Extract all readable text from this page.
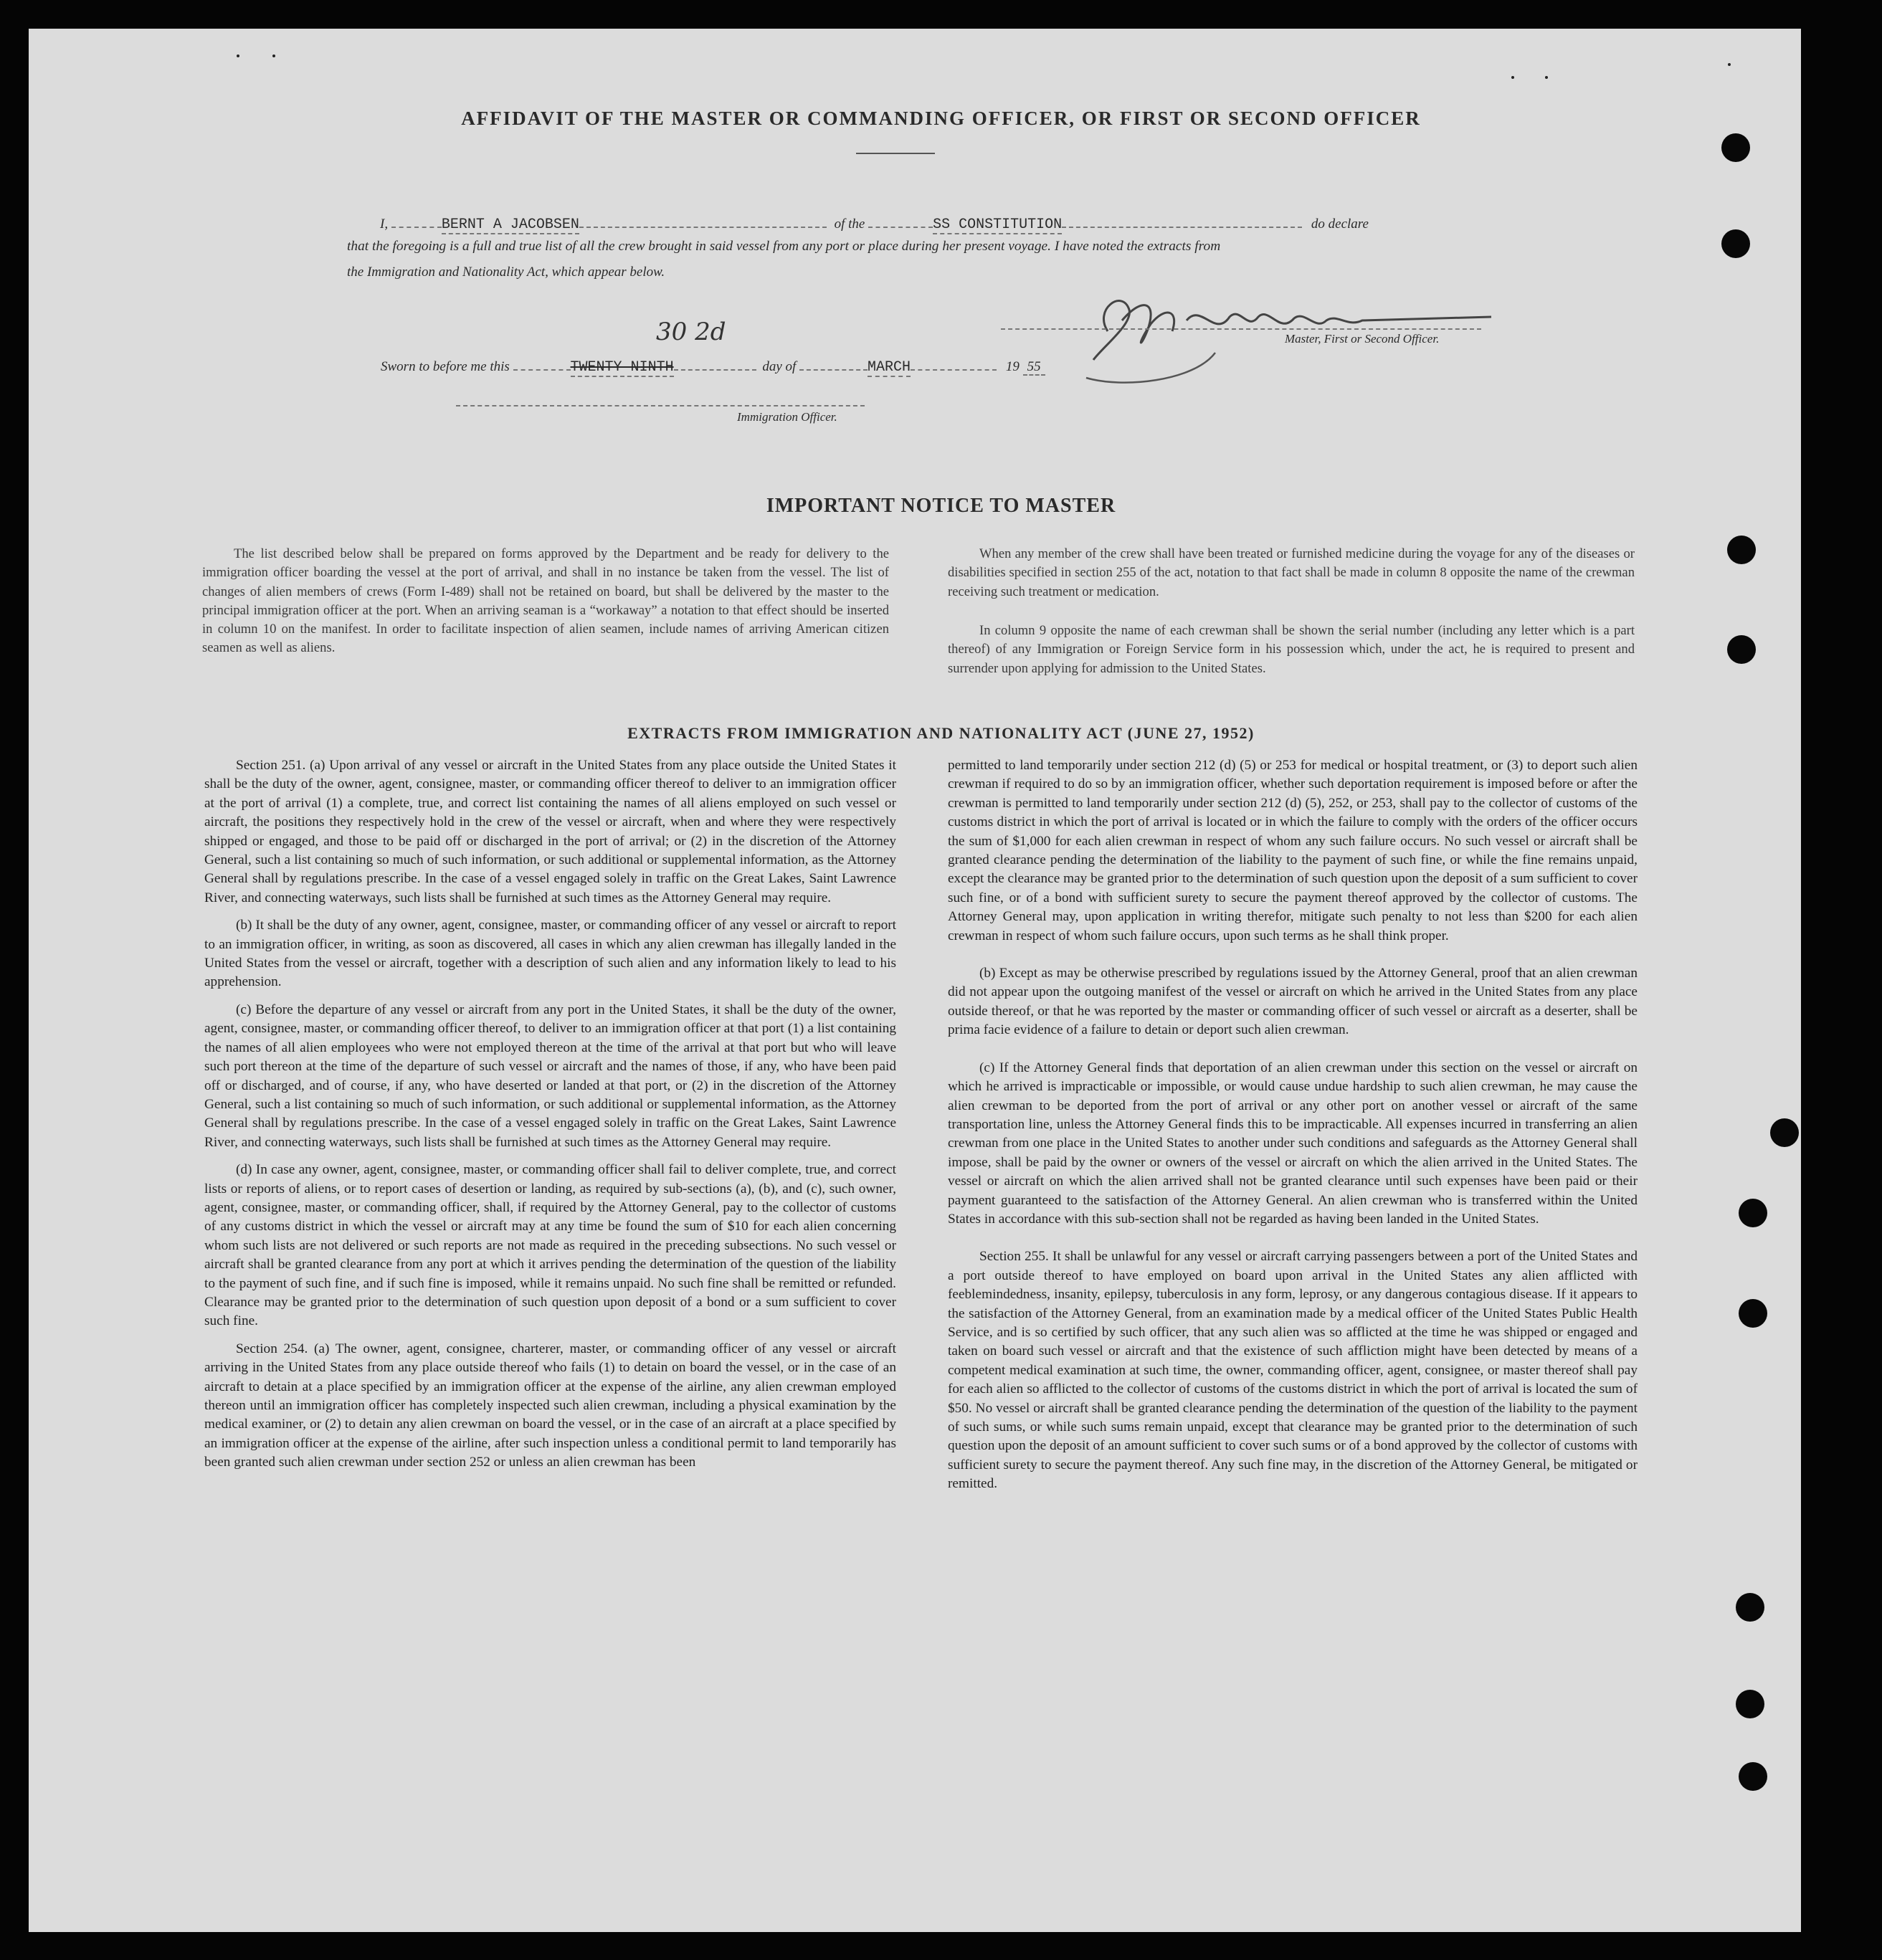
AFFIDAVIT OF THE MASTER OR COMMANDING OFFICER, OR FIRST OR SECOND OFFICER
I,	BERNT A JACOBSEN	of the	SS CONSTITUTION	do declare
that the foregoing is a full and true list of all the crew brought in said vessel from any port or place during her present voyage. I have noted the extracts from
the Immigration and Nationality Act, which appear below.
Master, First or Second Officer.
30 2d
Sworn to before me this	TWENTY NINTH	day of	MARCH	19 55
Immigration Officer.
IMPORTANT NOTICE TO MASTER
The list described below shall be prepared on forms approved by the Department and be ready for delivery to the immigration officer boarding the vessel at the port of arrival, and shall in no instance be taken from the vessel. The list of changes of alien members of crews (Form I-489) shall not be retained on board, but shall be delivered by the master to the principal immigration officer at the port. When an arriving seaman is a “workaway” a notation to that effect should be inserted in column 10 on the manifest. In order to facilitate inspection of alien seamen, include names of arriving American citizen seamen as well as aliens.
When any member of the crew shall have been treated or furnished medicine during the voyage for any of the diseases or disabilities specified in section 255 of the act, notation to that fact shall be made in column 8 opposite the name of the crewman receiving such treatment or medication.
In column 9 opposite the name of each crewman shall be shown the serial number (including any letter which is a part thereof) of any Immigration or Foreign Service form in his possession which, under the act, he is required to present and surrender upon applying for admission to the United States.
EXTRACTS FROM IMMIGRATION AND NATIONALITY ACT (JUNE 27, 1952)

Section 251. (a) Upon arrival of any vessel or aircraft in the United States from any place outside the United States it shall be the duty of the owner, agent, consignee, master, or commanding officer thereof to deliver to an immigration officer at the port of arrival (1) a complete, true, and correct list containing the names of all aliens employed on such vessel or aircraft, the positions they respectively hold in the crew of the vessel or aircraft, when and where they were respectively shipped or engaged, and those to be paid off or discharged in the port of arrival; or (2) in the discretion of the Attorney General, such a list containing so much of such information, or such additional or supplemental information, as the Attorney General shall by regulations prescribe. In the case of a vessel engaged solely in traffic on the Great Lakes, Saint Lawrence River, and connecting waterways, such lists shall be furnished at such times as the Attorney General may require.

(b) It shall be the duty of any owner, agent, consignee, master, or commanding officer of any vessel or aircraft to report to an immigration officer, in writing, as soon as discovered, all cases in which any alien crewman has illegally landed in the United States from the vessel or aircraft, together with a description of such alien and any information likely to lead to his apprehension.

(c) Before the departure of any vessel or aircraft from any port in the United States, it shall be the duty of the owner, agent, consignee, master, or commanding officer thereof, to deliver to an immigration officer at that port (1) a list containing the names of all alien employees who were not employed thereon at the time of the arrival at that port but who will leave such port thereon at the time of the departure of such vessel or aircraft and the names of those, if any, who have been paid off or discharged, and of course, if any, who have deserted or landed at that port, or (2) in the discretion of the Attorney General, such a list containing so much of such information, or such additional or supplemental information, as the Attorney General shall by regulations prescribe. In the case of a vessel engaged solely in traffic on the Great Lakes, Saint Lawrence River, and connecting waterways, such lists shall be furnished at such times as the Attorney General may require.

(d) In case any owner, agent, consignee, master, or commanding officer shall fail to deliver complete, true, and correct lists or reports of aliens, or to report cases of desertion or landing, as required by sub-sections (a), (b), and (c), such owner, agent, consignee, master, or commanding officer, shall, if required by the Attorney General, pay to the collector of customs of any customs district in which the vessel or aircraft may at any time be found the sum of $10 for each alien concerning whom such lists are not delivered or such reports are not made as required in the preceding subsections. No such vessel or aircraft shall be granted clearance from any port at which it arrives pending the determination of the question of the liability to the payment of such fine, and if such fine is imposed, while it remains unpaid. No such fine shall be remitted or refunded. Clearance may be granted prior to the determination of such question upon deposit of a bond or a sum sufficient to cover such fine.

Section 254. (a) The owner, agent, consignee, charterer, master, or commanding officer of any vessel or aircraft arriving in the United States from any place outside thereof who fails (1) to detain on board the vessel, or in the case of an aircraft to detain at a place specified by an immigration officer at the expense of the airline, any alien crewman employed thereon until an immigration officer has completely inspected such alien crewman, including a physical examination by the medical examiner, or (2) to detain any alien crewman on board the vessel, or in the case of an aircraft at a place specified by an immigration officer at the expense of the airline, after such inspection unless a conditional permit to land temporarily has been granted such alien crewman under section 252 or unless an alien crewman has been

permitted to land temporarily under section 212 (d) (5) or 253 for medical or hospital treatment, or (3) to deport such alien crewman if required to do so by an immigration officer, whether such deportation requirement is imposed before or after the crewman is permitted to land temporarily under section 212 (d) (5), 252, or 253, shall pay to the collector of customs of the customs district in which the port of arrival is located or in which the failure to comply with the orders of the officer occurs the sum of $1,000 for each alien crewman in respect of whom any such failure occurs. No such vessel or aircraft shall be granted clearance pending the determination of the liability to the payment of such fine, or while the fine remains unpaid, except the clearance may be granted prior to the determination of such question upon the deposit of a sum sufficient to cover such fine, or of a bond with sufficient surety to secure the payment thereof approved by the collector of customs. The Attorney General may, upon application in writing therefor, mitigate such penalty to not less than $200 for each alien crewman in respect of whom such failure occurs, upon such terms as he shall think proper.

(b) Except as may be otherwise prescribed by regulations issued by the Attorney General, proof that an alien crewman did not appear upon the outgoing manifest of the vessel or aircraft on which he arrived in the United States from any place outside thereof, or that he was reported by the master or commanding officer of such vessel or aircraft as a deserter, shall be prima facie evidence of a failure to detain or deport such alien crewman.

(c) If the Attorney General finds that deportation of an alien crewman under this section on the vessel or aircraft on which he arrived is impracticable or impossible, or would cause undue hardship to such alien crewman, he may cause the alien crewman to be deported from the port of arrival or any other port on another vessel or aircraft of the same transportation line, unless the Attorney General finds this to be impracticable. All expenses incurred in transferring an alien crewman from one place in the United States to another under such conditions and safeguards as the Attorney General shall impose, shall be paid by the owner or owners of the vessel or aircraft on which the alien arrived in the United States. The vessel or aircraft on which the alien arrived shall not be granted clearance until such expenses have been paid or their payment guaranteed to the satisfaction of the Attorney General. An alien crewman who is transferred within the United States in accordance with this sub-section shall not be regarded as having been landed in the United States.

Section 255. It shall be unlawful for any vessel or aircraft carrying passengers between a port of the United States and a port outside thereof to have employed on board upon arrival in the United States any alien afflicted with feeblemindedness, insanity, epilepsy, tuberculosis in any form, leprosy, or any dangerous contagious disease. If it appears to the satisfaction of the Attorney General, from an examination made by a medical officer of the United States Public Health Service, and is so certified by such officer, that any such alien was so afflicted at the time he was shipped or engaged and taken on board such vessel or aircraft and that the existence of such affliction might have been detected by means of a competent medical examination at such time, the owner, commanding officer, agent, consignee, or master thereof shall pay for each alien so afflicted to the collector of customs of the customs district in which the port of arrival is located the sum of $50. No vessel or aircraft shall be granted clearance pending the determination of the question of the liability to the payment of such sums, or while such sums remain unpaid, except that clearance may be granted prior to the determination of such question upon the deposit of an amount sufficient to cover such sums or of a bond approved by the collector of customs with sufficient surety to secure the payment thereof. Any such fine may, in the discretion of the Attorney General, be mitigated or remitted.
